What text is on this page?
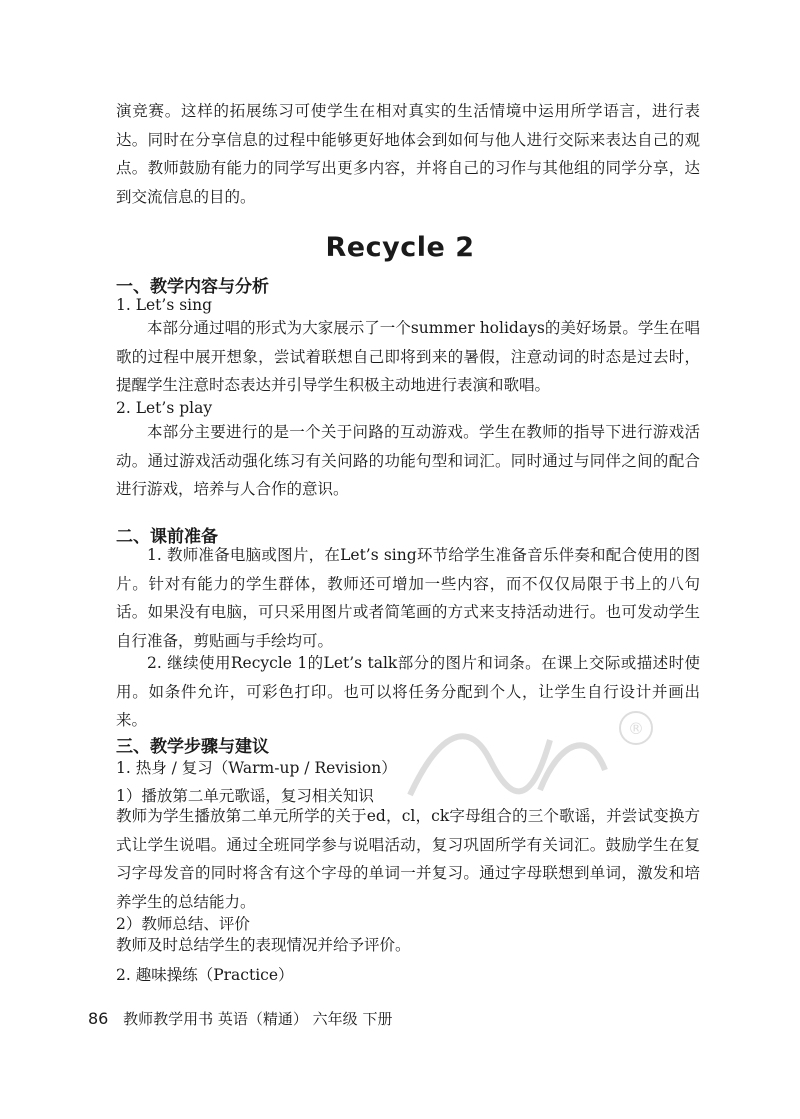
演竞赛。这样的拓展练习可使学生在相对真实的生活情境中运用所学语言，进行表达。同时在分享信息的过程中能够更好地体会到如何与他人进行交际来表达自己的观点。教师鼓励有能力的同学写出更多内容，并将自己的习作与其他组的同学分享，达到交流信息的目的。
Recycle 2
一、教学内容与分析
1. Let’s sing

本部分通过唱的形式为大家展示了一个summer holidays的美好场景。学生在唱歌的过程中展开想象，尝试着联想自己即将到来的暑假，注意动词的时态是过去时，提醒学生注意时态表达并引导学生积极主动地进行表演和歌唱。

2. Let’s play

本部分主要进行的是一个关于问路的互动游戏。学生在教师的指导下进行游戏活动。通过游戏活动强化练习有关问路的功能句型和词汇。同时通过与同伴之间的配合进行游戏，培养与人合作的意识。

二、课前准备

1. 教师准备电脑或图片，在Let’s sing环节给学生准备音乐伴奏和配合使用的图片。针对有能力的学生群体，教师还可增加一些内容，而不仅仅局限于书上的八句话。如果没有电脑，可只采用图片或者简笔画的方式来支持活动进行。也可发动学生自行准备，剪贴画与手绘均可。

2. 继续使用Recycle 1的Let’s talk部分的图片和词条。在课上交际或描述时使用。如条件允许，可彩色打印。也可以将任务分配到个人，让学生自行设计并画出来。

三、教学步骤与建议
1. 热身 / 复习（Warm-up / Revision）
1）播放第二单元歌谣，复习相关知识

教师为学生播放第二单元所学的关于ed，cl，ck字母组合的三个歌谣，并尝试变换方式让学生说唱。通过全班同学参与说唱活动，复习巩固所学有关词汇。鼓励学生在复习字母发音的同时将含有这个字母的单词一并复习。通过字母联想到单词，激发和培养学生的总结能力。

2）教师总结、评价

教师及时总结学生的表现情况并给予评价。

2. 趣味操练（Practice）
86 教师教学用书 英语（精通） 六年级 下册
®
